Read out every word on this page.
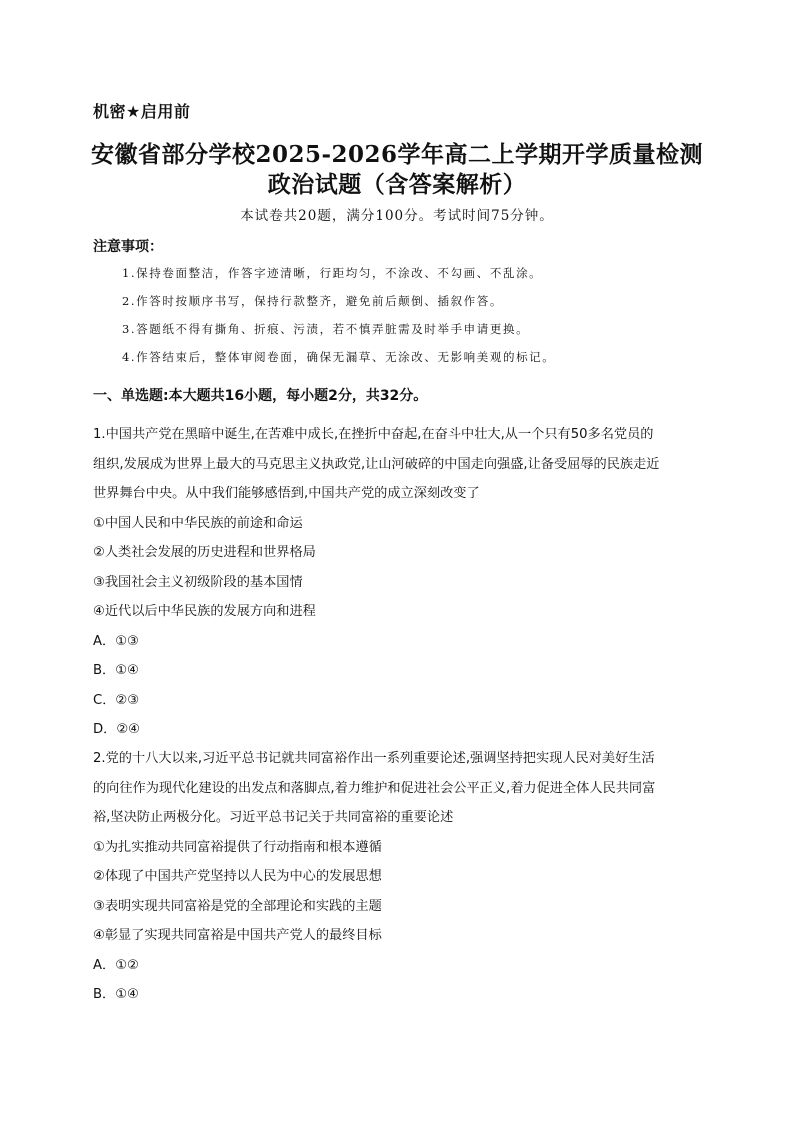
机密★启用前
安徽省部分学校2025-2026学年高二上学期开学质量检测
政治试题（含答案解析）
本试卷共20题，满分100分。考试时间75分钟。
注意事项：
1.保持卷面整洁，作答字迹清晰，行距均匀，不涂改、不勾画、不乱涂。
2.作答时按顺序书写，保持行款整齐，避免前后颠倒、插叙作答。
3.答题纸不得有撕角、折痕、污渍，若不慎弄脏需及时举手申请更换。
4.作答结束后，整体审阅卷面，确保无漏草、无涂改、无影响美观的标记。
一、单选题:本大题共16小题，每小题2分，共32分。
1.中国共产党在黑暗中诞生,在苦难中成长,在挫折中奋起,在奋斗中壮大,从一个只有50多名党员的
组织,发展成为世界上最大的马克思主义执政党,让山河破碎的中国走向强盛,让备受屈辱的民族走近
世界舞台中央。从中我们能够感悟到,中国共产党的成立深刻改变了
①中国人民和中华民族的前途和命运
②人类社会发展的历史进程和世界格局
③我国社会主义初级阶段的基本国情
④近代以后中华民族的发展方向和进程
A．①③
B．①④
C．②③
D．②④
2.党的十八大以来,习近平总书记就共同富裕作出一系列重要论述,强调坚持把实现人民对美好生活
的向往作为现代化建设的出发点和落脚点,着力维护和促进社会公平正义,着力促进全体人民共同富
裕,坚决防止两极分化。习近平总书记关于共同富裕的重要论述
①为扎实推动共同富裕提供了行动指南和根本遵循
②体现了中国共产党坚持以人民为中心的发展思想
③表明实现共同富裕是党的全部理论和实践的主题
④彰显了实现共同富裕是中国共产党人的最终目标
A．①②
B．①④
